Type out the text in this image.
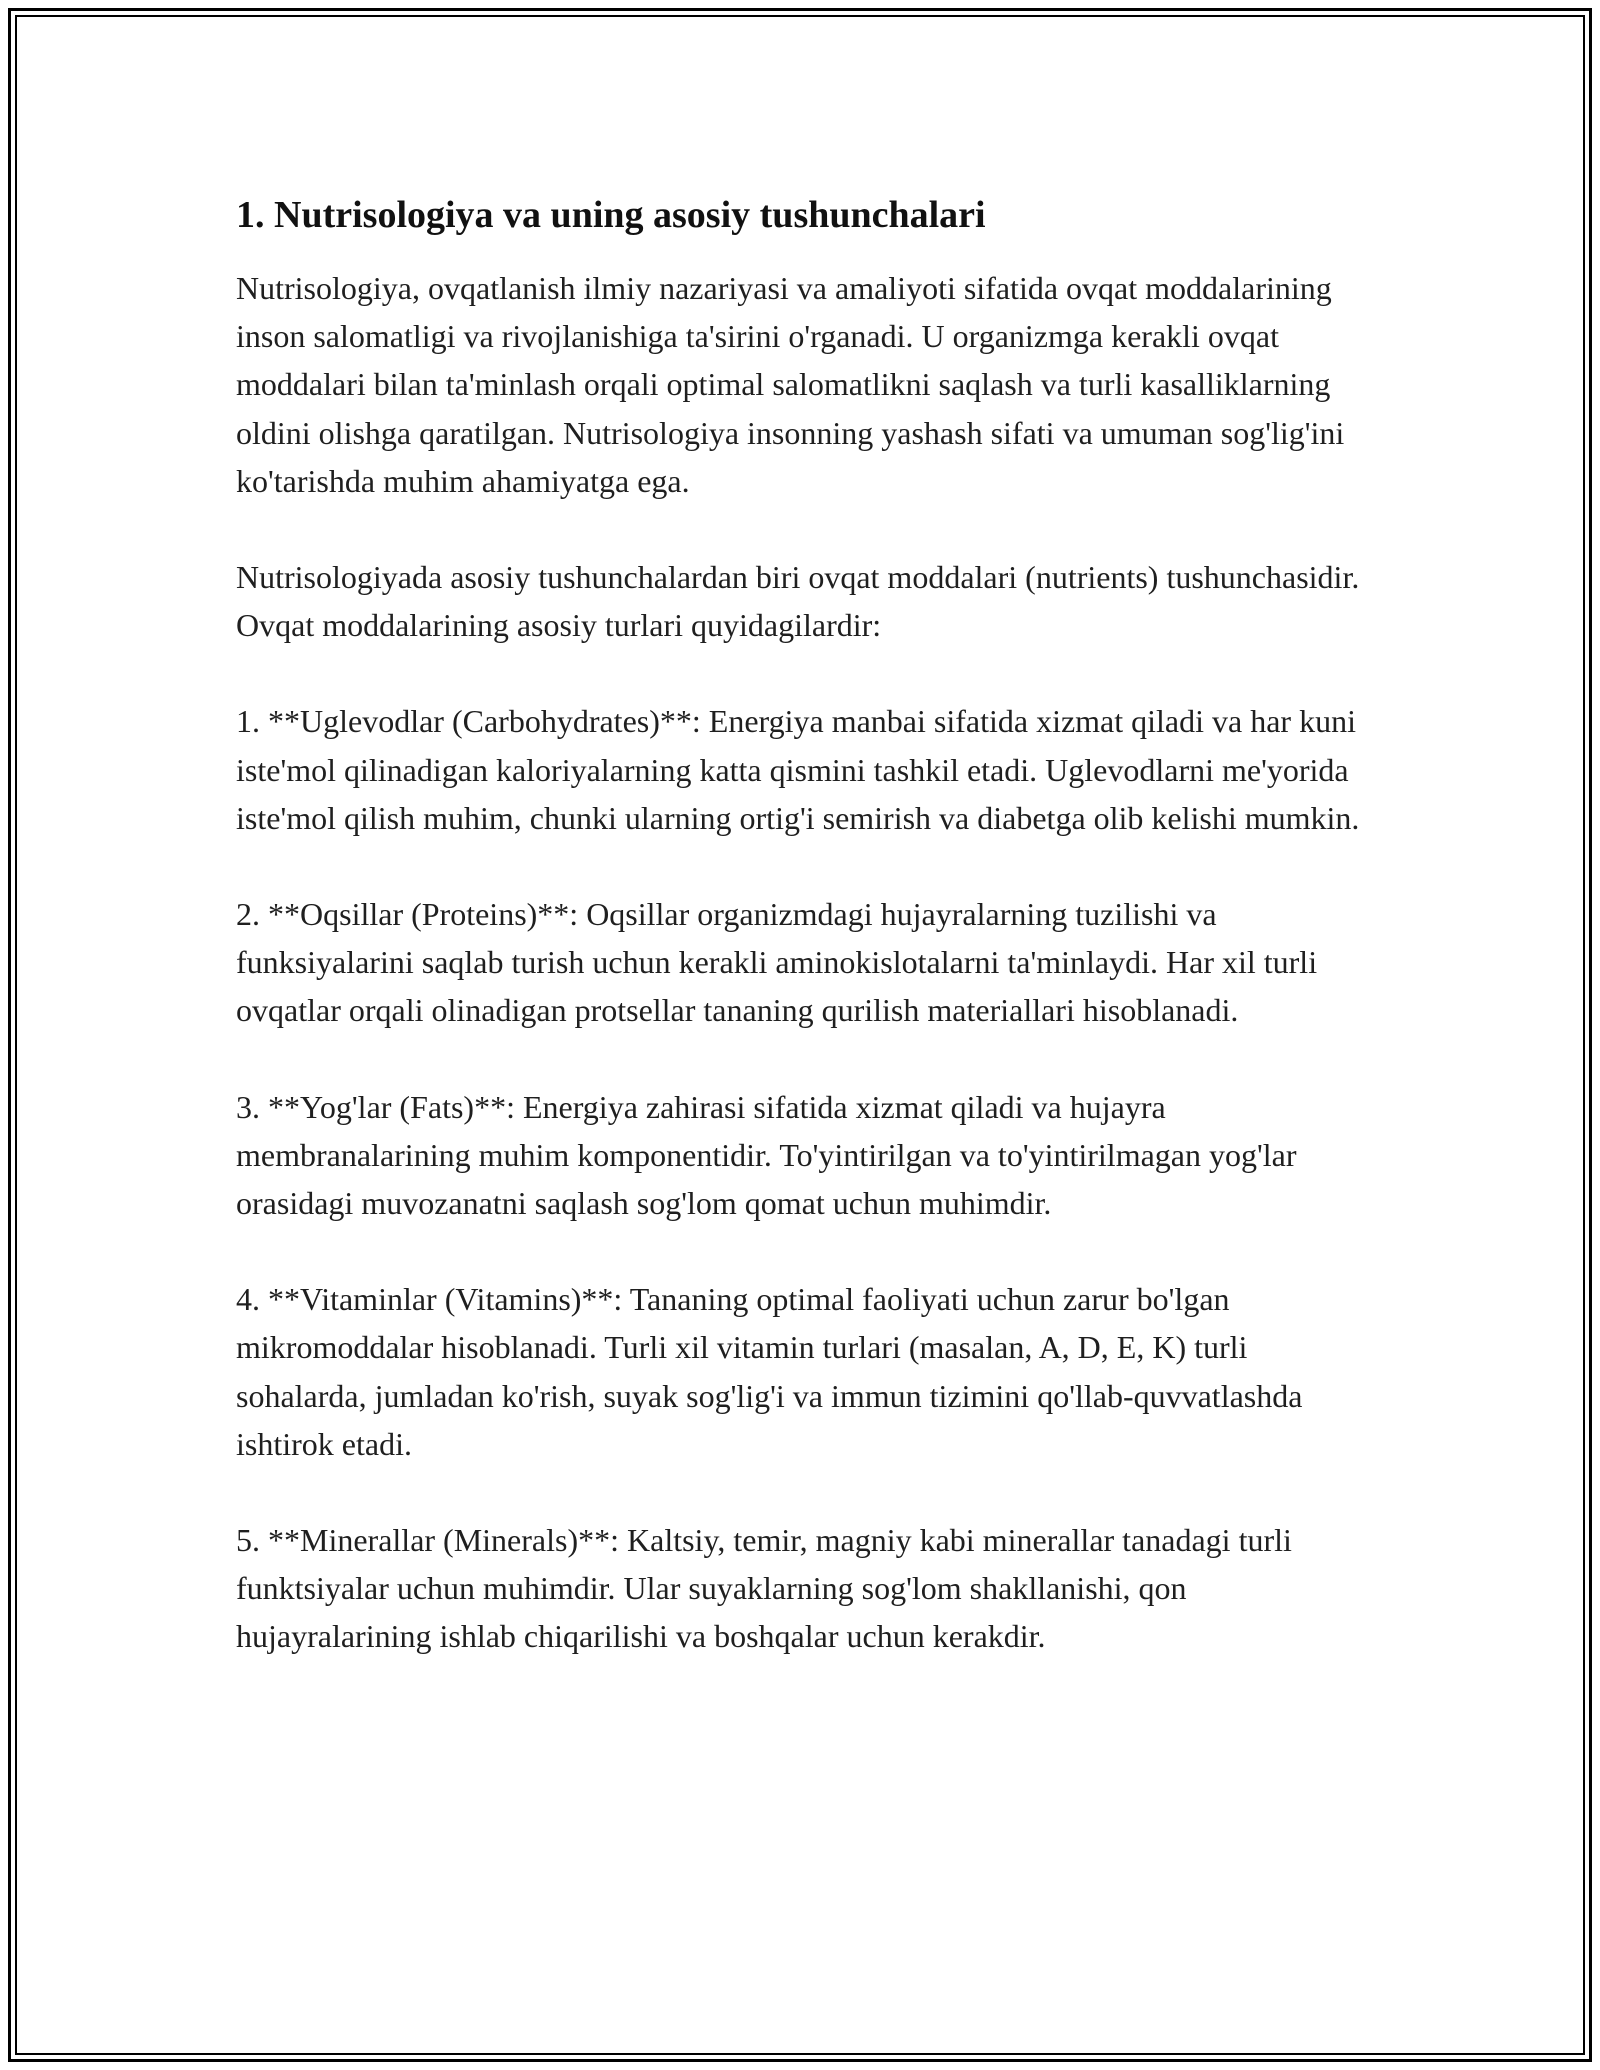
1. Nutrisologiya va uning asosiy tushunchalari

Nutrisologiya, ovqatlanish ilmiy nazariyasi va amaliyoti sifatida ovqat moddalarining inson salomatligi va rivojlanishiga ta'sirini o'rganadi. U organizmga kerakli ovqat moddalari bilan ta'minlash orqali optimal salomatlikni saqlash va turli kasalliklarning oldini olishga qaratilgan. Nutrisologiya insonning yashash sifati va umuman sog'lig'ini ko'tarishda muhim ahamiyatga ega.

Nutrisologiyada asosiy tushunchalardan biri ovqat moddalari (nutrients) tushunchasidir. Ovqat moddalarining asosiy turlari quyidagilardir:

1. **Uglevodlar (Carbohydrates)**: Energiya manbai sifatida xizmat qiladi va har kuni iste'mol qilinadigan kaloriyalarning katta qismini tashkil etadi. Uglevodlarni me'yorida iste'mol qilish muhim, chunki ularning ortig'i semirish va diabetga olib kelishi mumkin.

2. **Oqsillar (Proteins)**: Oqsillar organizmdagi hujayralarning tuzilishi va funksiyalarini saqlab turish uchun kerakli aminokislotalarni ta'minlaydi. Har xil turli ovqatlar orqali olinadigan protsellar tananing qurilish materiallari hisoblanadi.

3. **Yog'lar (Fats)**: Energiya zahirasi sifatida xizmat qiladi va hujayra membranalarining muhim komponentidir. To'yintirilgan va to'yintirilmagan yog'lar orasidagi muvozanatni saqlash sog'lom qomat uchun muhimdir.

4. **Vitaminlar (Vitamins)**: Tananing optimal faoliyati uchun zarur bo'lgan mikromoddalar hisoblanadi. Turli xil vitamin turlari (masalan, A, D, E, K) turli sohalarda, jumladan ko'rish, suyak sog'lig'i va immun tizimini qo'llab-quvvatlashda ishtirok etadi.

5. **Minerallar (Minerals)**: Kaltsiy, temir, magniy kabi minerallar tanadagi turli funktsiyalar uchun muhimdir. Ular suyaklarning sog'lom shakllanishi, qon hujayralarining ishlab chiqarilishi va boshqalar uchun kerakdir.
